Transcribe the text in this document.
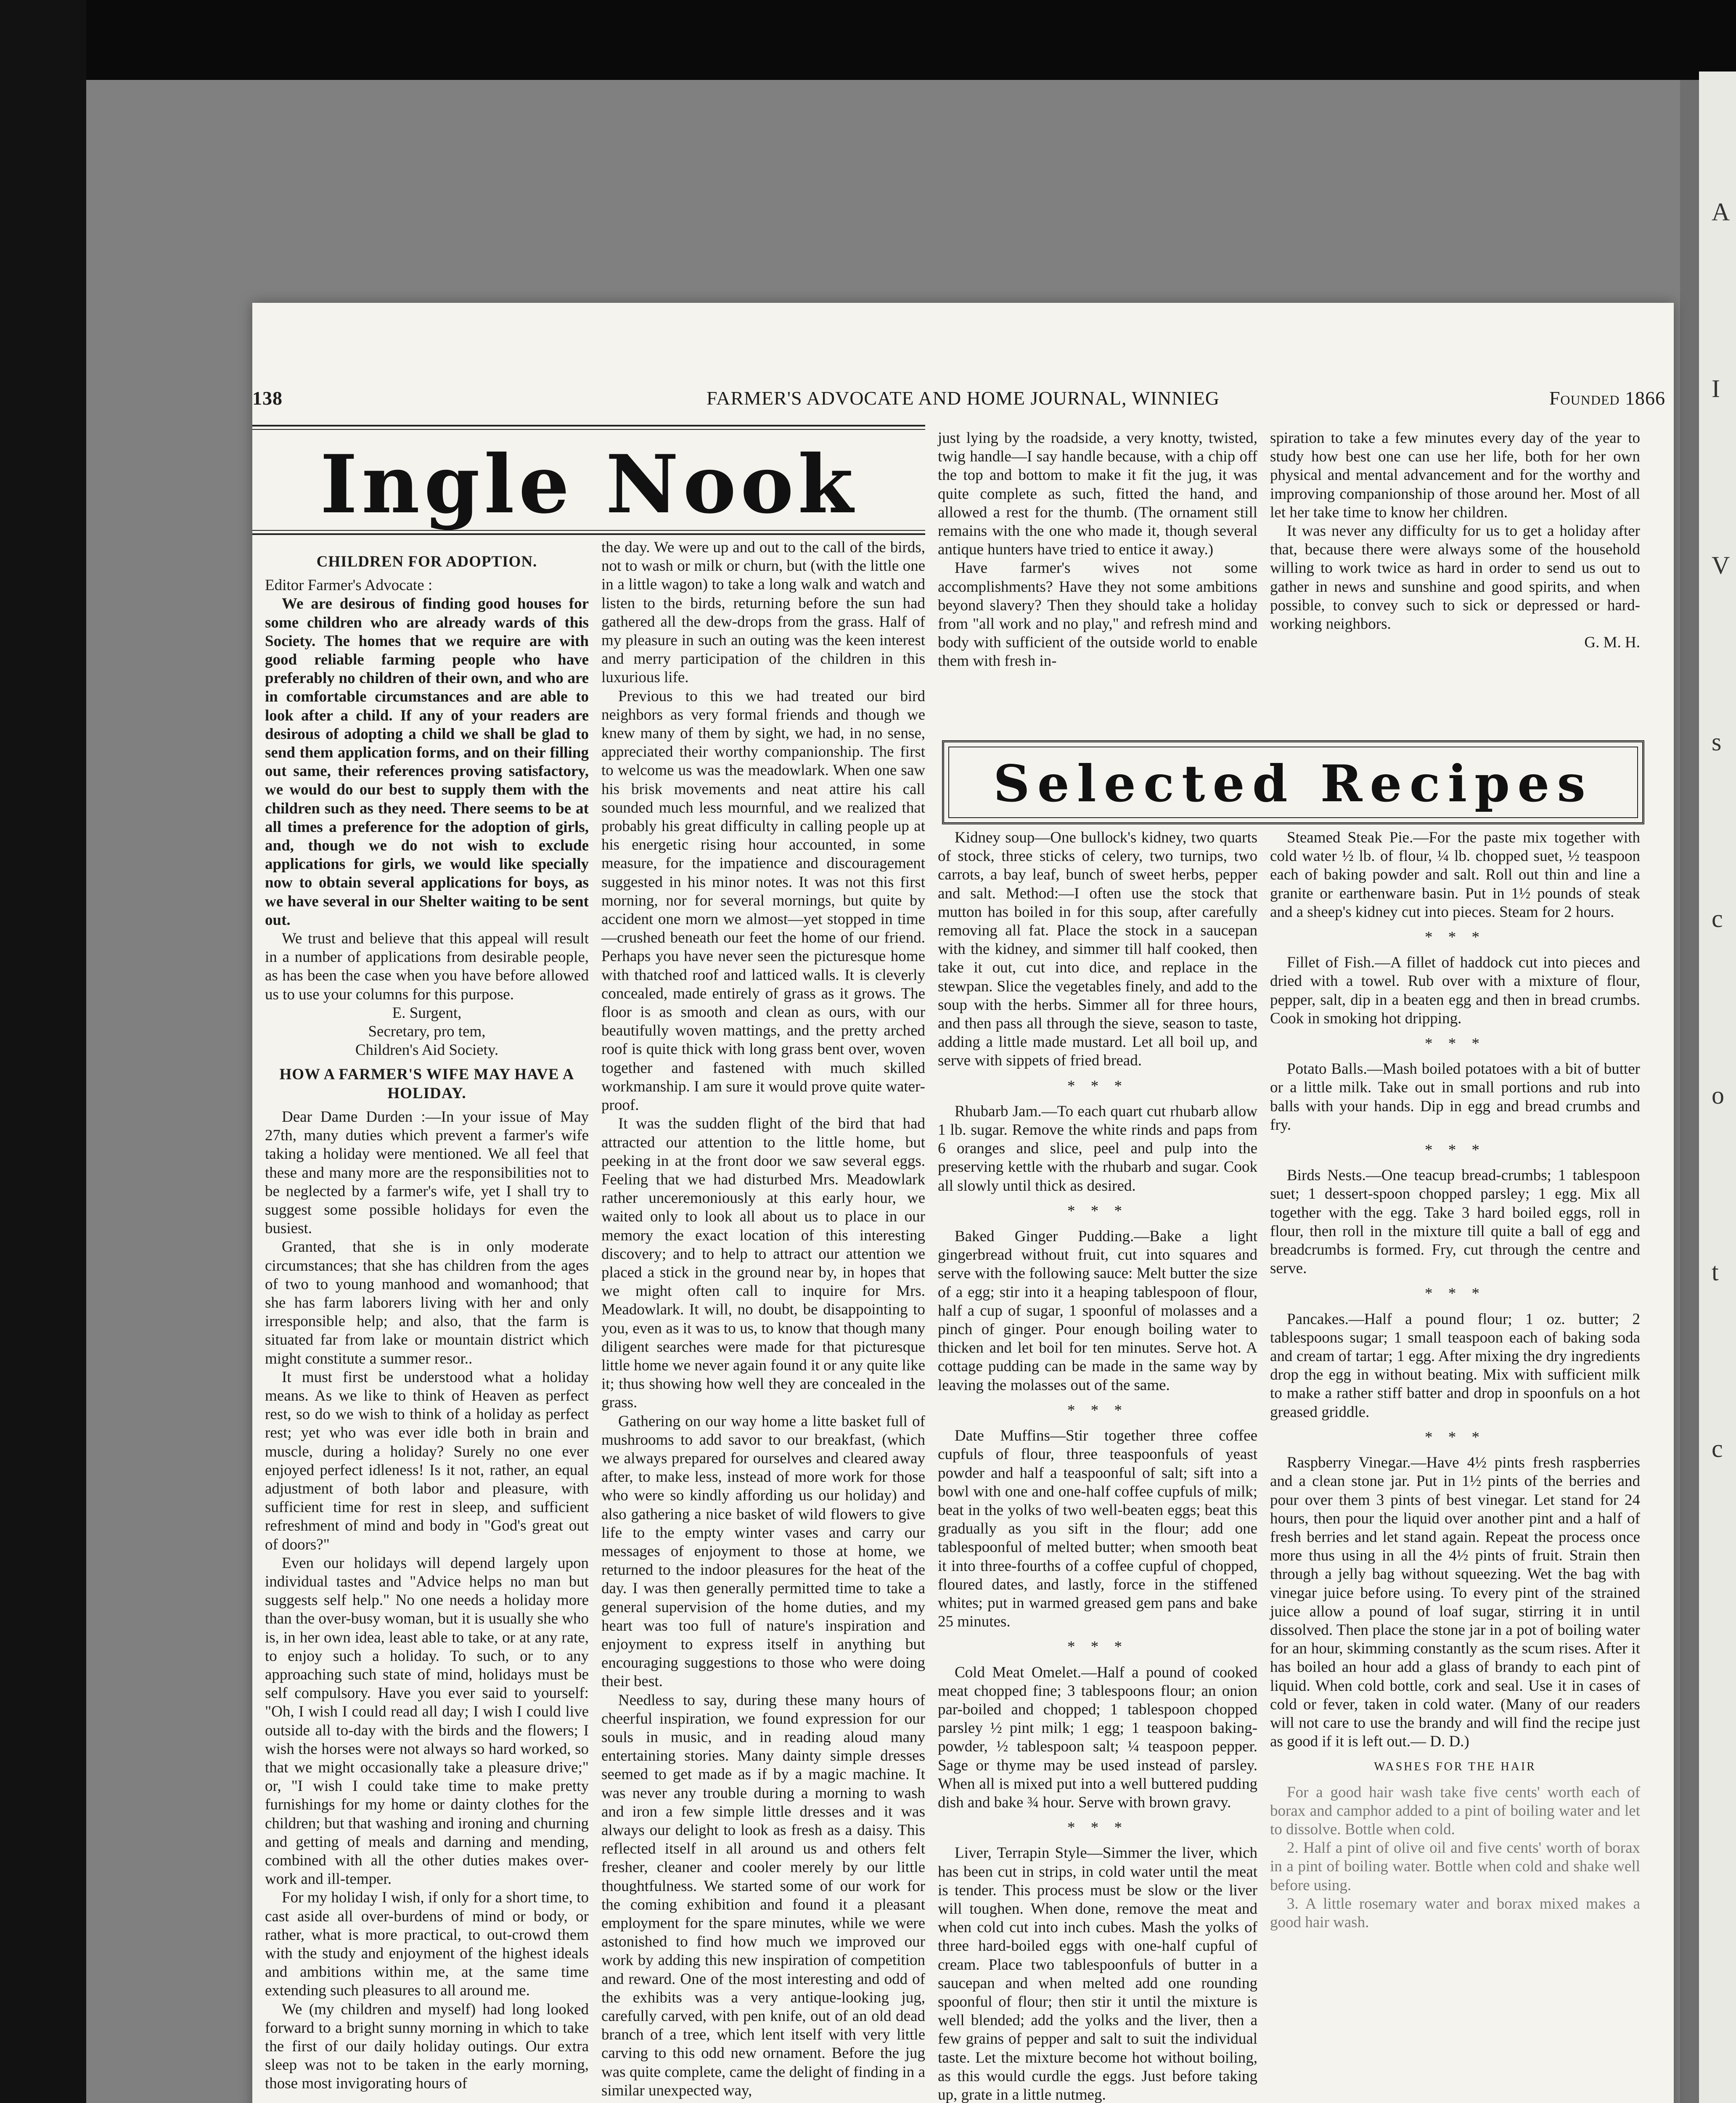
A
I
V
s
c
o
t
c
138	FARMER'S ADVOCATE AND HOME JOURNAL, WINNIEG	Founded 1866
Ingle Nook

CHILDREN FOR ADOPTION.

Editor Farmer's Advocate :

We are desirous of finding good houses for some children who are already wards of this Society. The homes that we require are with good reliable farming people who have preferably no children of their own, and who are in comfortable circumstances and are able to look after a child. If any of your readers are desirous of adopting a child we shall be glad to send them application forms, and on their filling out same, their references proving satisfactory, we would do our best to supply them with the children such as they need. There seems to be at all times a preference for the adoption of girls, and, though we do not wish to exclude applications for girls, we would like specially now to obtain several applications for boys, as we have several in our Shelter waiting to be sent out.

We trust and believe that this appeal will result in a number of applications from desirable people, as has been the case when you have before allowed us to use your columns for this purpose.

E. Surgent,

Secretary, pro tem,

Children's Aid Society.

HOW A FARMER'S WIFE MAY HAVE A HOLIDAY.

Dear Dame Durden :—In your issue of May 27th, many duties which prevent a farmer's wife taking a holiday were mentioned. We all feel that these and many more are the responsibilities not to be neglected by a farmer's wife, yet I shall try to suggest some possible holidays for even the busiest.

Granted, that she is in only moderate circumstances; that she has children from the ages of two to young manhood and womanhood; that she has farm laborers living with her and only irresponsible help; and also, that the farm is situated far from lake or mountain district which might constitute a summer resor..

It must first be understood what a holiday means. As we like to think of Heaven as perfect rest, so do we wish to think of a holiday as perfect rest; yet who was ever idle both in brain and muscle, during a holiday? Surely no one ever enjoyed perfect idleness! Is it not, rather, an equal adjustment of both labor and pleasure, with sufficient time for rest in sleep, and sufficient refreshment of mind and body in "God's great out of doors?"

Even our holidays will depend largely upon individual tastes and "Advice helps no man but suggests self help." No one needs a holiday more than the over-busy woman, but it is usually she who is, in her own idea, least able to take, or at any rate, to enjoy such a holiday. To such, or to any approaching such state of mind, holidays must be self compulsory. Have you ever said to yourself: "Oh, I wish I could read all day; I wish I could live outside all to-day with the birds and the flowers; I wish the horses were not always so hard worked, so that we might occasionally take a pleasure drive;" or, "I wish I could take time to make pretty furnishings for my home or dainty clothes for the children; but that washing and ironing and churning and getting of meals and darning and mending, combined with all the other duties makes over-work and ill-temper.

For my holiday I wish, if only for a short time, to cast aside all over-burdens of mind or body, or rather, what is more practical, to out-crowd them with the study and enjoyment of the highest ideals and ambitions within me, at the same time extending such pleasures to all around me.

We (my children and myself) had long looked forward to a bright sunny morning in which to take the first of our daily holiday outings. Our extra sleep was not to be taken in the early morning, those most invigorating hours of

the day. We were up and out to the call of the birds, not to wash or milk or churn, but (with the little one in a little wagon) to take a long walk and watch and listen to the birds, returning before the sun had gathered all the dew-drops from the grass. Half of my pleasure in such an outing was the keen interest and merry participation of the children in this luxurious life.

Previous to this we had treated our bird neighbors as very formal friends and though we knew many of them by sight, we had, in no sense, appreciated their worthy companionship. The first to welcome us was the meadowlark. When one saw his brisk movements and neat attire his call sounded much less mournful, and we realized that probably his great difficulty in calling people up at his energetic rising hour accounted, in some measure, for the impatience and discouragement suggested in his minor notes. It was not this first morning, nor for several mornings, but quite by accident one morn we almost—yet stopped in time—crushed beneath our feet the home of our friend. Perhaps you have never seen the picturesque home with thatched roof and latticed walls. It is cleverly concealed, made entirely of grass as it grows. The floor is as smooth and clean as ours, with our beautifully woven mattings, and the pretty arched roof is quite thick with long grass bent over, woven together and fastened with much skilled workmanship. I am sure it would prove quite water-proof.

It was the sudden flight of the bird that had attracted our attention to the little home, but peeking in at the front door we saw several eggs. Feeling that we had disturbed Mrs. Meadowlark rather unceremoniously at this early hour, we waited only to look all about us to place in our memory the exact location of this interesting discovery; and to help to attract our attention we placed a stick in the ground near by, in hopes that we might often call to inquire for Mrs. Meadowlark. It will, no doubt, be disappointing to you, even as it was to us, to know that though many diligent searches were made for that picturesque little home we never again found it or any quite like it; thus showing how well they are concealed in the grass.

Gathering on our way home a litte basket full of mushrooms to add savor to our breakfast, (which we always prepared for ourselves and cleared away after, to make less, instead of more work for those who were so kindly affording us our holiday) and also gathering a nice basket of wild flowers to give life to the empty winter vases and carry our messages of enjoyment to those at home, we returned to the indoor pleasures for the heat of the day. I was then generally permitted time to take a general supervision of the home duties, and my heart was too full of nature's inspiration and enjoyment to express itself in anything but encouraging suggestions to those who were doing their best.

Needless to say, during these many hours of cheerful inspiration, we found expression for our souls in music, and in reading aloud many entertaining stories. Many dainty simple dresses seemed to get made as if by a magic machine. It was never any trouble during a morning to wash and iron a few simple little dresses and it was always our delight to look as fresh as a daisy. This reflected itself in all around us and others felt fresher, cleaner and cooler merely by our little thoughtfulness. We started some of our work for the coming exhibition and found it a pleasant employment for the spare minutes, while we were astonished to find how much we improved our work by adding this new inspiration of competition and reward. One of the most interesting and odd of the exhibits was a very antique-looking jug, carefully carved, with pen knife, out of an old dead branch of a tree, which lent itself with very little carving to this odd new ornament. Before the jug was quite complete, came the delight of finding in a similar unexpected way,

just lying by the roadside, a very knotty, twisted, twig handle—I say handle because, with a chip off the top and bottom to make it fit the jug, it was quite complete as such, fitted the hand, and allowed a rest for the thumb. (The ornament still remains with the one who made it, though several antique hunters have tried to entice it away.)

Have farmer's wives not some accomplishments? Have they not some ambitions beyond slavery? Then they should take a holiday from "all work and no play," and refresh mind and body with sufficient of the outside world to enable them with fresh in-

spiration to take a few minutes every day of the year to study how best one can use her life, both for her own physical and mental advancement and for the worthy and improving companionship of those around her. Most of all let her take time to know her children.

It was never any difficulty for us to get a holiday after that, because there were always some of the household willing to work twice as hard in order to send us out to gather in news and sunshine and good spirits, and when possible, to convey such to sick or depressed or hard-working neighbors.

G. M. H.

Selected Recipes

Kidney soup—One bullock's kidney, two quarts of stock, three sticks of celery, two turnips, two carrots, a bay leaf, bunch of sweet herbs, pepper and salt. Method:—I often use the stock that mutton has boiled in for this soup, after carefully removing all fat. Place the stock in a saucepan with the kidney, and simmer till half cooked, then take it out, cut into dice, and replace in the stewpan. Slice the vegetables finely, and add to the soup with the herbs. Simmer all for three hours, and then pass all through the sieve, season to taste, adding a little made mustard. Let all boil up, and serve with sippets of fried bread.

* * *

Rhubarb Jam.—To each quart cut rhubarb allow 1 lb. sugar. Remove the white rinds and paps from 6 oranges and slice, peel and pulp into the preserving kettle with the rhubarb and sugar. Cook all slowly until thick as desired.

* * *

Baked Ginger Pudding.—Bake a light gingerbread without fruit, cut into squares and serve with the following sauce: Melt butter the size of a egg; stir into it a heaping tablespoon of flour, half a cup of sugar, 1 spoonful of molasses and a pinch of ginger. Pour enough boiling water to thicken and let boil for ten minutes. Serve hot. A cottage pudding can be made in the same way by leaving the molasses out of the same.

* * *

Date Muffins—Stir together three coffee cupfuls of flour, three teaspoonfuls of yeast powder and half a teaspoonful of salt; sift into a bowl with one and one-half coffee cupfuls of milk; beat in the yolks of two well-beaten eggs; beat this gradually as you sift in the flour; add one tablespoonful of melted butter; when smooth beat it into three-fourths of a coffee cupful of chopped, floured dates, and lastly, force in the stiffened whites; put in warmed greased gem pans and bake 25 minutes.

* * *

Cold Meat Omelet.—Half a pound of cooked meat chopped fine; 3 tablespoons flour; an onion par-boiled and chopped; 1 tablespoon chopped parsley ½ pint milk; 1 egg; 1 teaspoon baking-powder, ½ tablespoon salt; ¼ teaspoon pepper. Sage or thyme may be used instead of parsley. When all is mixed put into a well buttered pudding dish and bake ¾ hour. Serve with brown gravy.

* * *

Liver, Terrapin Style—Simmer the liver, which has been cut in strips, in cold water until the meat is tender. This process must be slow or the liver will toughen. When done, remove the meat and when cold cut into inch cubes. Mash the yolks of three hard-boiled eggs with one-half cupful of cream. Place two tablespoonfuls of butter in a saucepan and when melted add one rounding spoonful of flour; then stir it until the mixture is well blended; add the yolks and the liver, then a few grains of pepper and salt to suit the individual taste. Let the mixture become hot without boiling, as this would curdle the eggs. Just before taking up, grate in a little nutmeg.

Steamed Steak Pie.—For the paste mix together with cold water ½ lb. of flour, ¼ lb. chopped suet, ½ teaspoon each of baking powder and salt. Roll out thin and line a granite or earthenware basin. Put in 1½ pounds of steak and a sheep's kidney cut into pieces. Steam for 2 hours.

* * *

Fillet of Fish.—A fillet of haddock cut into pieces and dried with a towel. Rub over with a mixture of flour, pepper, salt, dip in a beaten egg and then in bread crumbs. Cook in smoking hot dripping.

* * *

Potato Balls.—Mash boiled potatoes with a bit of butter or a little milk. Take out in small portions and rub into balls with your hands. Dip in egg and bread crumbs and fry.

* * *

Birds Nests.—One teacup bread-crumbs; 1 tablespoon suet; 1 dessert-spoon chopped parsley; 1 egg. Mix all together with the egg. Take 3 hard boiled eggs, roll in flour, then roll in the mixture till quite a ball of egg and breadcrumbs is formed. Fry, cut through the centre and serve.

* * *

Pancakes.—Half a pound flour; 1 oz. butter; 2 tablespoons sugar; 1 small teaspoon each of baking soda and cream of tartar; 1 egg. After mixing the dry ingredients drop the egg in without beating. Mix with sufficient milk to make a rather stiff batter and drop in spoonfuls on a hot greased griddle.

* * *

Raspberry Vinegar.—Have 4½ pints fresh raspberries and a clean stone jar. Put in 1½ pints of the berries and pour over them 3 pints of best vinegar. Let stand for 24 hours, then pour the liquid over another pint and a half of fresh berries and let stand again. Repeat the process once more thus using in all the 4½ pints of fruit. Strain then through a jelly bag without squeezing. Wet the bag with vinegar juice before using. To every pint of the strained juice allow a pound of loaf sugar, stirring it in until dissolved. Then place the stone jar in a pot of boiling water for an hour, skimming constantly as the scum rises. After it has boiled an hour add a glass of brandy to each pint of liquid. When cold bottle, cork and seal. Use it in cases of cold or fever, taken in cold water. (Many of our readers will not care to use the brandy and will find the recipe just as good if it is left out.— D. D.)

WASHES FOR THE HAIR

For a good hair wash take five cents' worth each of borax and camphor added to a pint of boiling water and let to dissolve. Bottle when cold.

2. Half a pint of olive oil and five cents' worth of borax in a pint of boiling water. Bottle when cold and shake well before using.

3. A little rosemary water and borax mixed makes a good hair wash.
